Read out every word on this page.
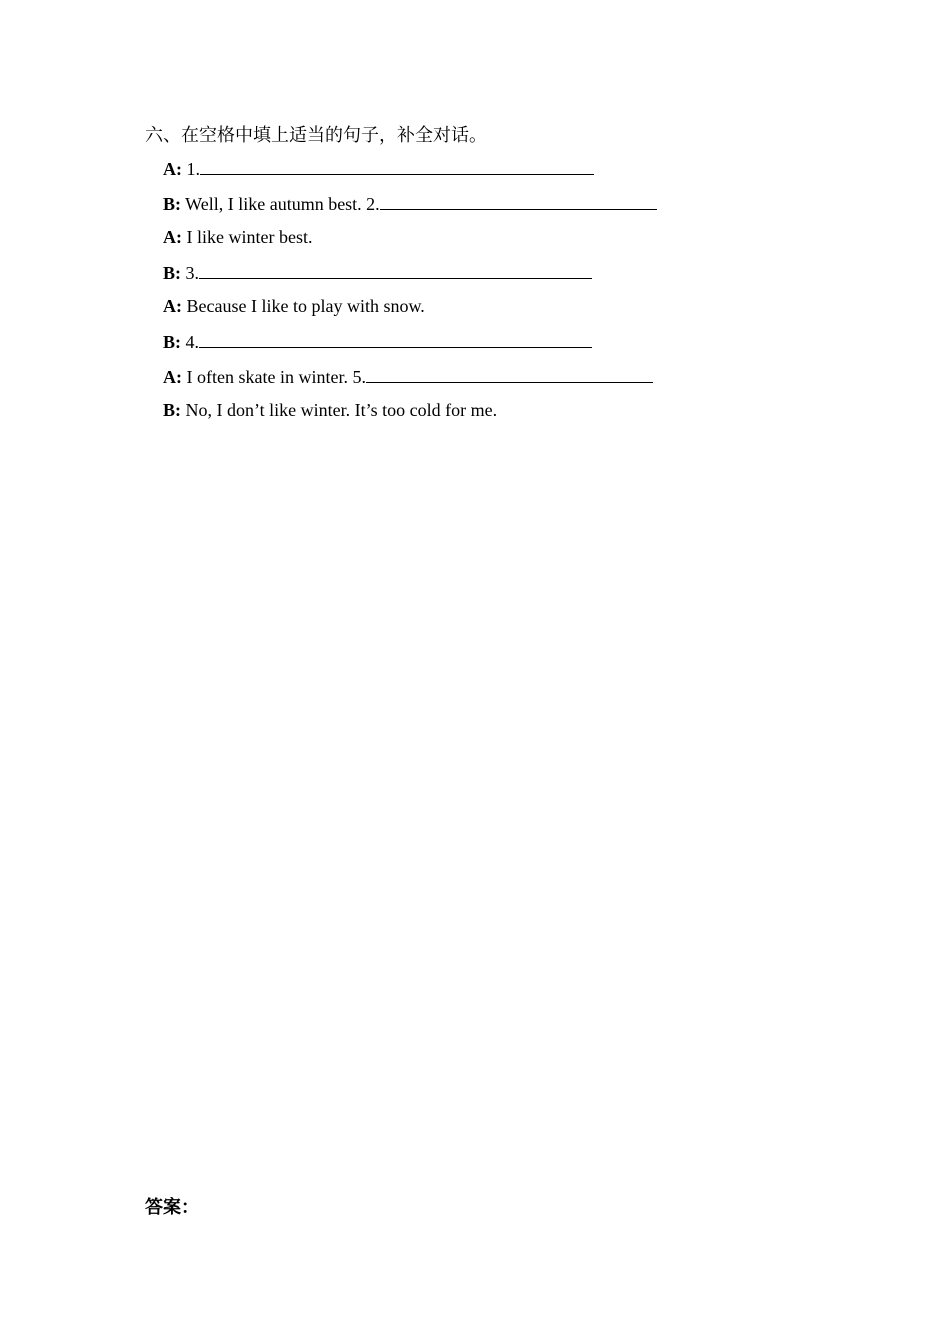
六、在空格中填上适当的句子，补全对话。
A: 1.
B: Well, I like autumn best. 2.
A: I like winter best.
B: 3.
A: Because I like to play with snow.
B: 4.
A: I often skate in winter. 5.
B: No, I don’t like winter. It’s too cold for me.
答案：
